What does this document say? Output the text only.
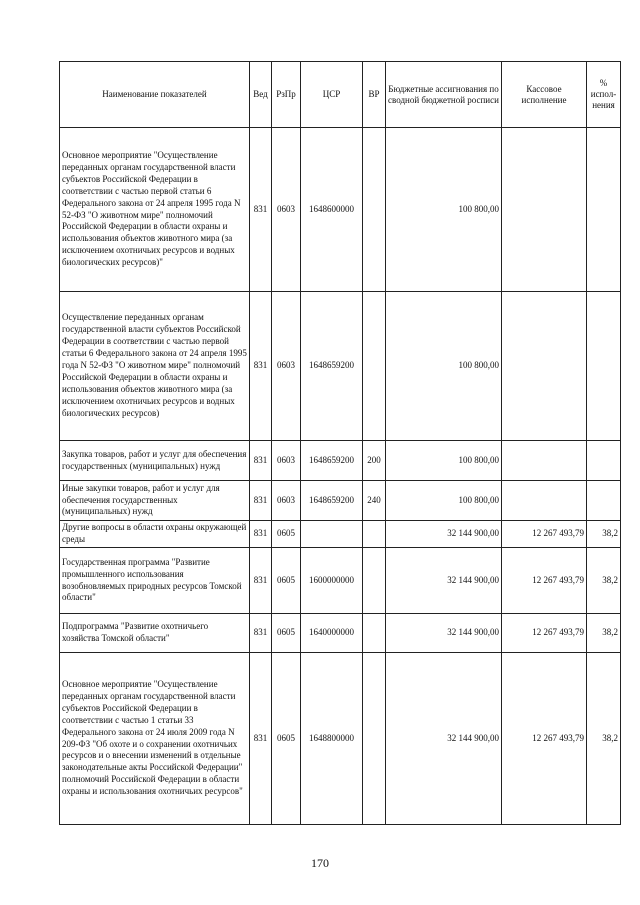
Наименование показателей	Вед	РзПр	ЦСР	ВР	Бюджетные ассигнования по сводной бюджетной росписи	Кассовое исполнение	% испол-нения
Основное мероприятие "Осуществление переданных органам государственной власти субъектов Российской Федерации в соответствии с частью первой статьи 6 Федерального закона от 24 апреля 1995 года N 52-ФЗ "О животном мире" полномочий Российской Федерации в области охраны и использования объектов животного мира (за исключением охотничьих ресурсов и водных биологических ресурсов)"	831	0603	1648600000		100 800,00		
Осуществление переданных органам государственной власти субъектов Российской Федерации в соответствии с частью первой статьи 6 Федерального закона от 24 апреля 1995 года N 52-ФЗ "О животном мире" полномочий Российской Федерации в области охраны и использования объектов животного мира (за исключением охотничьих ресурсов и водных биологических ресурсов)	831	0603	1648659200		100 800,00		
Закупка товаров, работ и услуг для обеспечения государственных (муниципальных) нужд	831	0603	1648659200	200	100 800,00		
Иные закупки товаров, работ и услуг для обеспечения государственных (муниципальных) нужд	831	0603	1648659200	240	100 800,00		
Другие вопросы в области охраны окружающей среды	831	0605			32 144 900,00	12 267 493,79	38,2
Государственная программа "Развитие промышленного использования возобновляемых природных ресурсов Томской области"	831	0605	1600000000		32 144 900,00	12 267 493,79	38,2
Подпрограмма "Развитие охотничьего хозяйства Томской области"	831	0605	1640000000		32 144 900,00	12 267 493,79	38,2
Основное мероприятие "Осуществление переданных органам государственной власти субъектов Российской Федерации в соответствии с частью 1 статьи 33 Федерального закона от 24 июля 2009 года N 209-ФЗ "Об охоте и о сохранении охотничьих ресурсов и о внесении изменений в отдельные законодательные акты Российской Федерации" полномочий Российской Федерации в области охраны и использования охотничьих ресурсов"	831	0605	1648800000		32 144 900,00	12 267 493,79	38,2
170
